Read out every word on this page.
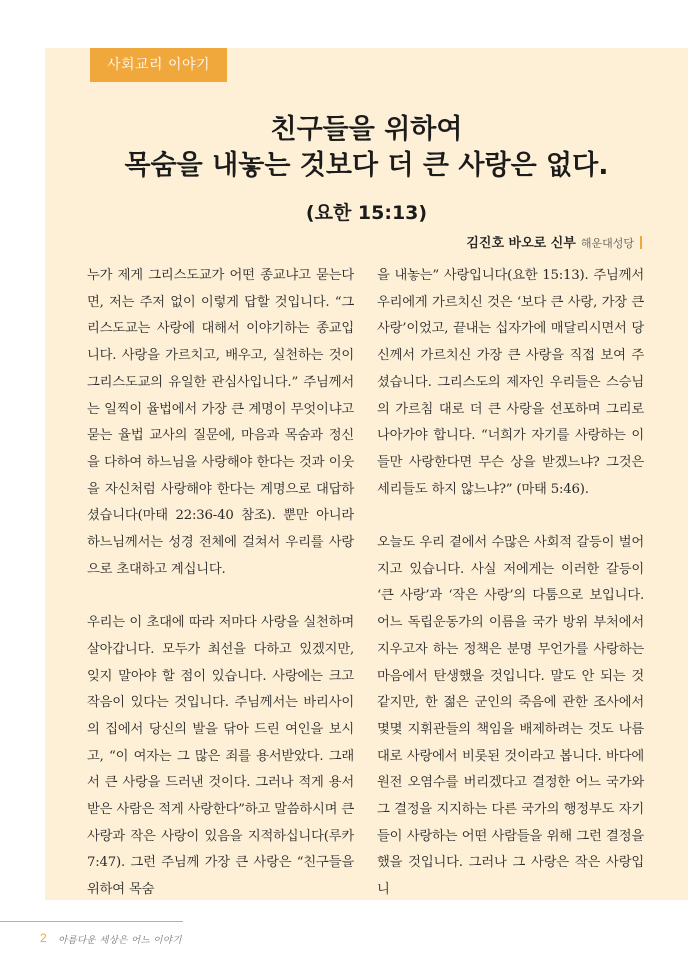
사회교리 이야기
친구들을 위하여
목숨을 내놓는 것보다 더 큰 사랑은 없다.
(요한 15:13)
김진호 바오로 신부 해운대성당

누가 제게 그리스도교가 어떤 종교냐고 묻는다면, 저는 주저 없이 이렇게 답할 것입니다. “그리스도교는 사랑에 대해서 이야기하는 종교입니다. 사랑을 가르치고, 배우고, 실천하는 것이 그리스도교의 유일한 관심사입니다.” 주님께서는 일찍이 율법에서 가장 큰 계명이 무엇이냐고 묻는 율법 교사의 질문에, 마음과 목숨과 정신을 다하여 하느님을 사랑해야 한다는 것과 이웃을 자신처럼 사랑해야 한다는 계명으로 대답하셨습니다(마태 22:36-40 참조). 뿐만 아니라 하느님께서는 성경 전체에 걸쳐서 우리를 사랑으로 초대하고 계십니다.

우리는 이 초대에 따라 저마다 사랑을 실천하며 살아갑니다. 모두가 최선을 다하고 있겠지만, 잊지 말아야 할 점이 있습니다. 사랑에는 크고 작음이 있다는 것입니다. 주님께서는 바리사이의 집에서 당신의 발을 닦아 드린 여인을 보시고, “이 여자는 그 많은 죄를 용서받았다. 그래서 큰 사랑을 드러낸 것이다. 그러나 적게 용서받은 사람은 적게 사랑한다”하고 말씀하시며 큰 사랑과 작은 사랑이 있음을 지적하십니다(루카 7:47). 그런 주님께 가장 큰 사랑은 “친구들을 위하여 목숨

을 내놓는” 사랑입니다(요한 15:13). 주님께서 우리에게 가르치신 것은 ‘보다 큰 사랑, 가장 큰 사랑’이었고, 끝내는 십자가에 매달리시면서 당신께서 가르치신 가장 큰 사랑을 직접 보여 주셨습니다. 그리스도의 제자인 우리들은 스승님의 가르침 대로 더 큰 사랑을 선포하며 그리로 나아가야 합니다. “너희가 자기를 사랑하는 이들만 사랑한다면 무슨 상을 받겠느냐? 그것은 세리들도 하지 않느냐?” (마태 5:46).

오늘도 우리 곁에서 수많은 사회적 갈등이 벌어지고 있습니다. 사실 저에게는 이러한 갈등이 ‘큰 사랑’과 ‘작은 사랑’의 다툼으로 보입니다. 어느 독립운동가의 이름을 국가 방위 부처에서 지우고자 하는 정책은 분명 무언가를 사랑하는 마음에서 탄생했을 것입니다. 말도 안 되는 것 같지만, 한 젊은 군인의 죽음에 관한 조사에서 몇몇 지휘관들의 책임을 배제하려는 것도 나름대로 사랑에서 비롯된 것이라고 봅니다. 바다에 원전 오염수를 버리겠다고 결정한 어느 국가와 그 결정을 지지하는 다른 국가의 행정부도 자기들이 사랑하는 어떤 사람들을 위해 그런 결정을 했을 것입니다. 그러나 그 사랑은 작은 사랑입니

2 아름다운 세상은 어느 이야기
